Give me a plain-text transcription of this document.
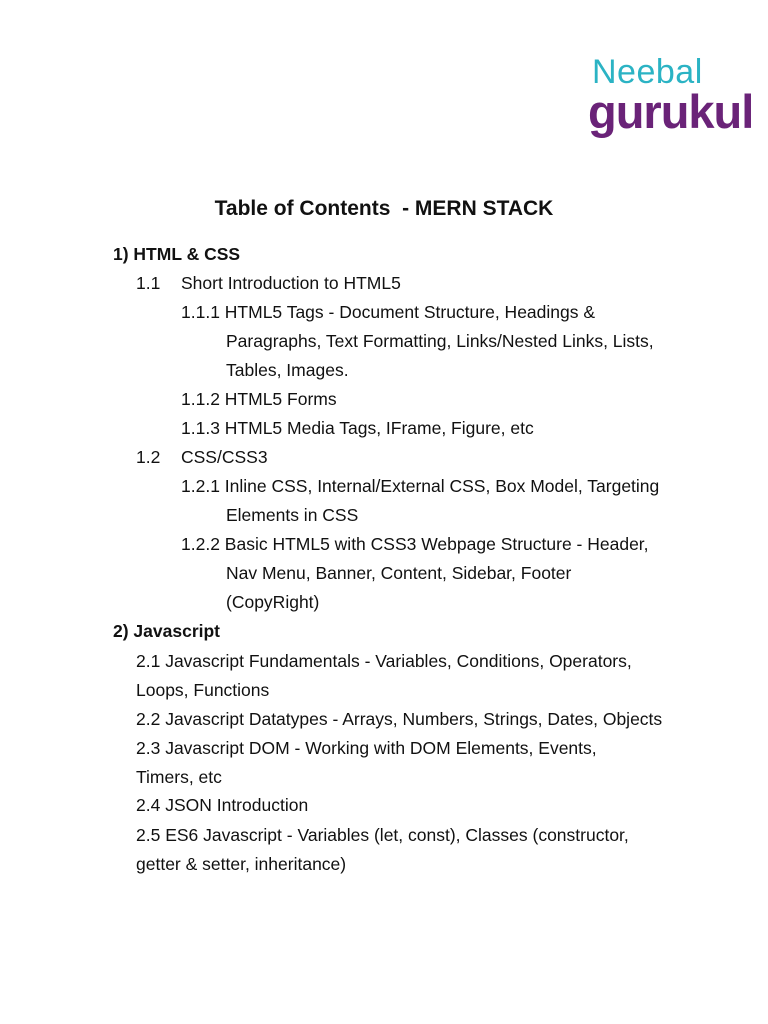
Neebal
gurukul
Table of Contents  - MERN STACK
1) HTML & CSS
1.1 Short Introduction to HTML5
1.1.1 HTML5 Tags - Document Structure, Headings &
Paragraphs, Text Formatting, Links/Nested Links, Lists,
Tables, Images.
1.1.2 HTML5 Forms
1.1.3 HTML5 Media Tags, IFrame, Figure, etc
1.2 CSS/CSS3
1.2.1 Inline CSS, Internal/External CSS, Box Model, Targeting
Elements in CSS
1.2.2 Basic HTML5 with CSS3 Webpage Structure - Header,
Nav Menu, Banner, Content, Sidebar, Footer
(CopyRight)
2) Javascript
2.1 Javascript Fundamentals - Variables, Conditions, Operators,
Loops, Functions
2.2 Javascript Datatypes - Arrays, Numbers, Strings, Dates, Objects
2.3 Javascript DOM - Working with DOM Elements, Events,
Timers, etc
2.4 JSON Introduction
2.5 ES6 Javascript - Variables (let, const), Classes (constructor,
getter & setter, inheritance)
